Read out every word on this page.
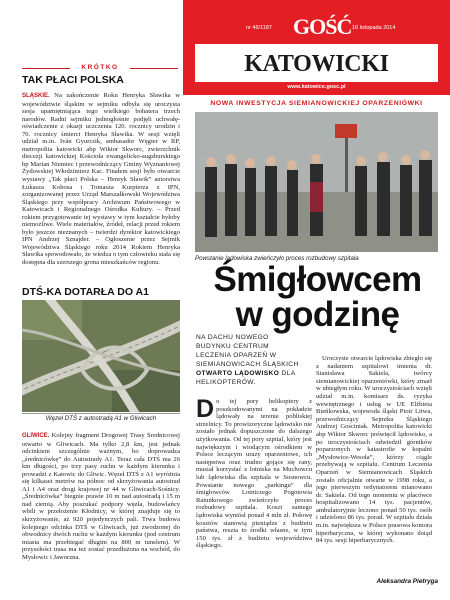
KRÓTKO
TAK PŁACI POLSKA
ŚLĄSKIE. Na zakończenie Roku Henryka Sławika w województwie śląskim w sejmiku odbyła się uroczysta sesja upamiętniająca tego wielkiego bohatera trzech narodów. Radni sejmiku jednogłośnie podjęli uchwałę-oświadczenie z okazji uczczenia 120. rocznicy urodzin i 70. rocznicy śmierci Henryka Sławika. W sesji wzięli udział m.in. Iván Gyurcsik, ambasador Węgier w RP, metropolita katowicki abp Wiktor Skworc, zwierzchnik diecezji katowickiej Kościoła ewangelicko-augsburskiego bp Marian Niemiec i przewodniczący Gminy Wyznaniowej Żydowskiej Włodzimierz Kac. Finałem sesji było otwarcie wystawy „Tak płaci Polska – Henryk Sławik” autorstwa Łukasza Kobosa i Tomasza Kurpierza z IPN, zorganizowanej przez Urząd Marszałkowski Województwa Śląskiego przy współpracy Archiwum Państwowego w Katowicach i Regionalnego Ośrodka Kultury. – Przed rokiem przygotowanie tej wystawy w tym kształcie byłoby niemożliwe. Wiele materiałów, źródeł, relacji przed rokiem było jeszcze nieznanych – twierdzi dyrektor katowickiego IPN Andrzej Sznajder. – Ogłoszenie przez Sejmik Województwa Śląskiego roku 2014 Rokiem Henryka Sławika spowodowało, że wiedza o tym człowieku stała się dostępna dla szerszego grona mieszkańców regionu.
DTŚ-KA DOTARŁA DO A1
Węzeł DTŚ z autostradą A1 w Gliwicach
GLIWICE. Kolejny fragment Drogowej Trasy Średnicowej otwarto w Gliwicach. Ma tylko 2,8 km, jest jednak odcinkiem szczególnie ważnym, bo doprowadza „średnicówkę” do Autostrady A1. Teraz cała DTŚ ma 26 km długości, po trzy pasy ruchu w każdym kierunku i prowadzi z Katowic do Gliwic. Węzeł DTŚ z A1 wyróżnia się kilkaset metrów na północ od skrzyżowania autostrad A1 i A4 oraz drogi krajowej nr 44 w Gliwicach-Sośnicy. „Średnicówka” biegnie prawie 10 m nad autostradą i 15 m nad ziemią. Aby poszukać podpory węzła, budowlańcy wbili w przełożenie Kłodnicy, w której znajduje się to skrzyżowanie, aż 920 pojedynczych pali. Trwa budowa kolejnego odcinka DTŚ w Gliwicach, już zwodzonej do obwodnicy dwóch ruchu w każdym kierunku (pod centrum miasta ma przebiegać długim na 800 m tunelem). W przyszłości trasa ma też zostać przedłużona na wschód, do Mysłowic i Jaworzna.
GOŚĆ
nr 46/1187	16 listopada 2014
KATOWICKI
www.katowice.gosc.pl
NOWA INWESTYCJA SIEMIANOWICKIEJ OPARZENIÓWKI
Powstanie lądowiska zwieńczyło proces rozbudowy szpitala
Śmigłowcem
w godzinę
NA DACHU NOWEGO BUDYNKU CENTRUM LECZENIA OPARZEŃ W SIEMIANOWICACH ŚLĄSKICH OTWARTO LĄDOWISKO DLA HELIKOPTERÓW.
Do tej pory helikoptery z poszkodowanymi na pokładzie lądowały na terenie pobliskiej strzelnicy. To prowizoryczne lądowisko nie zostało jednak dopuszczone do dalszego użytkowania. Od tej pory szpital, który jest największym i wiodącym ośrodkiem w Polsce leczącym urazy oparzeniowe, ich następstwa oraz trudno gojące się rany, musiał korzystać z lotniska na Muchowcu lub lądowiska dla szpitala w Sosnowcu. Powstanie nowego „parkingu” dla śmigłowców Lotniczego Pogotowia Ratunkowego zwieńczyło proces rozbudowy szpitala. Koszt samego lądowiska wyniósł ponad 4 mln zł. Połowę kosztów stanowią pieniądze z budżetu państwa, reszta to środki własne, w tym 150 tys. zł z budżetu województwa śląskiego.
Uroczyste otwarcie lądowiska zbiegło się z nadaniem szpitalowi imienia dr. Stanisława Sakiela, twórcy siemianowickiej oparzeniówki, który zmarł w ubiegłym roku. W uroczystościach wzięli udział m.in. komisarz ds. ryzyka wewnętrznego i usług w UE Elżbieta Bieńkowska, wojewoda śląski Piotr Litwa, przewodniczący Sejmiku Śląskiego Andrzej Gościniak. Metropolita katowicki abp Wiktor Skworc poświęcił lądowisko, a po uroczystościach odwiedził górników poparzonych w katastrofie w kopalni „Mysłowice-Wesoła”, którzy ciągle przebywają w szpitalu. Centrum Leczenia Oparzeń w Siemianowicach Śląskich zostało oficjalnie otwarte w 1998 roku, a jego pierwszym ordynatorem mianowano dr. Sakiela. Od tego momentu w placówce hospitalizowano 14 tys. pacjentów, ambulatoryjnie leczono ponad 50 tys. osób i udzielono 86 tys. porad. W szpitalu działa m.in. największa w Polsce prasowa komora hiperbaryczna, w której wykonano dotąd 84 tys. sesji hiperbarycznych.
Aleksandra Pietryga
